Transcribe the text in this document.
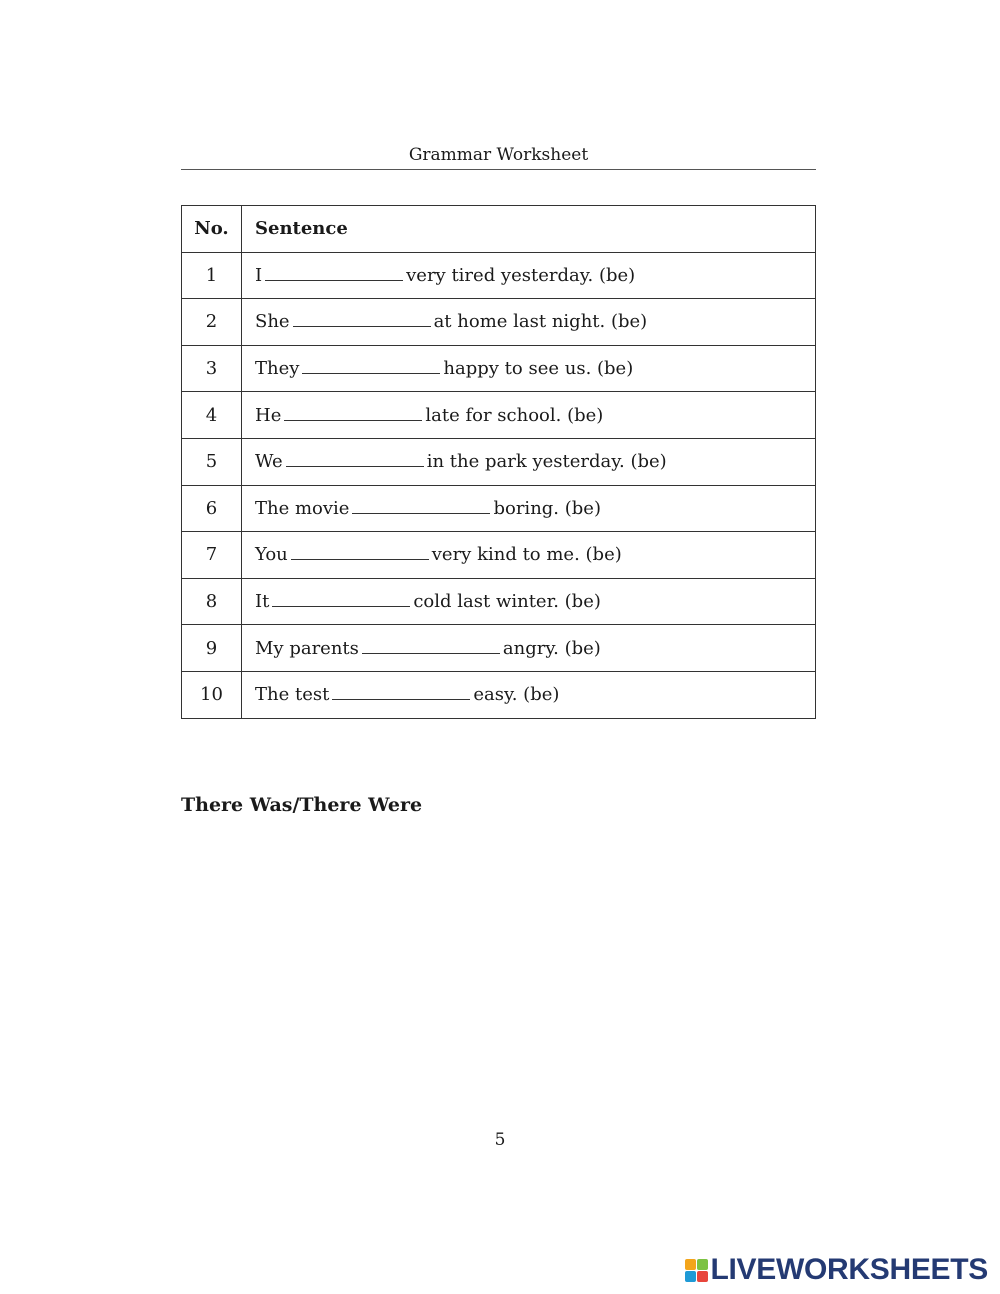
Grammar Worksheet
No.	Sentence
1	I very tired yesterday. (be)
2	She at home last night. (be)
3	They happy to see us. (be)
4	He late for school. (be)
5	We in the park yesterday. (be)
6	The movie boring. (be)
7	You very kind to me. (be)
8	It cold last winter. (be)
9	My parents angry. (be)
10	The test easy. (be)
There Was/There Were
5
LIVEWORKSHEETS
